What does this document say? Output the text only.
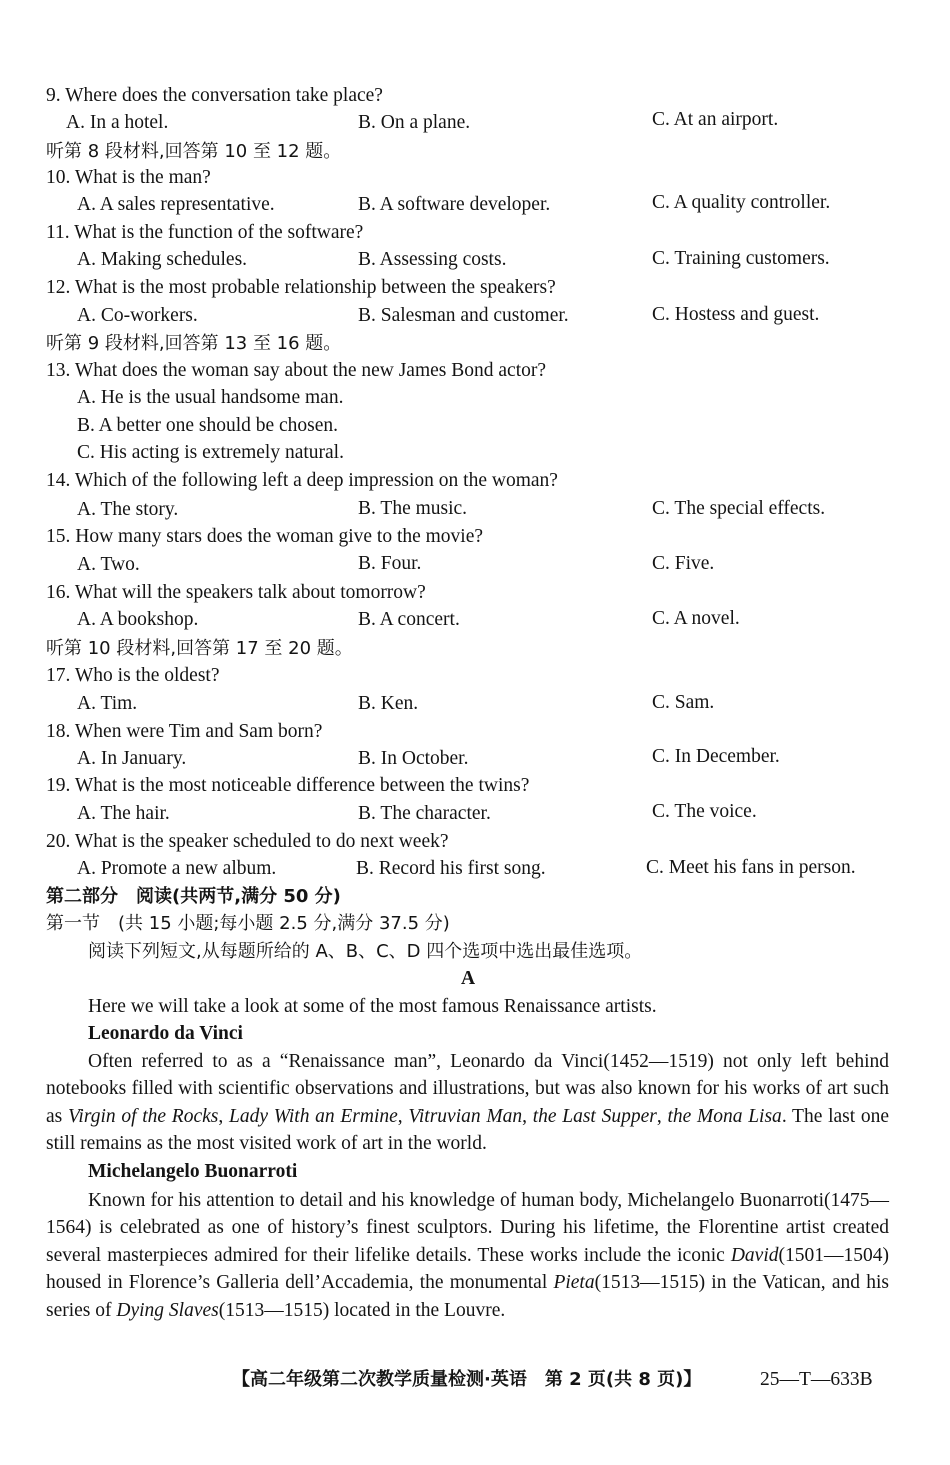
9. Where does the conversation take place?
A. In a hotel.	B. On a plane.	C. At an airport.
听第 8 段材料,回答第 10 至 12 题。
10. What is the man?
A. A sales representative.	B. A software developer.	C. A quality controller.
11. What is the function of the software?
A. Making schedules.	B. Assessing costs.	C. Training customers.
12. What is the most probable relationship between the speakers?
A. Co-workers.	B. Salesman and customer.	C. Hostess and guest.
听第 9 段材料,回答第 13 至 16 题。
13. What does the woman say about the new James Bond actor?
A. He is the usual handsome man.
B. A better one should be chosen.
C. His acting is extremely natural.
14. Which of the following left a deep impression on the woman?
A. The story.	B. The music.	C. The special effects.
15. How many stars does the woman give to the movie?
A. Two.	B. Four.	C. Five.
16. What will the speakers talk about tomorrow?
A. A bookshop.	B. A concert.	C. A novel.
听第 10 段材料,回答第 17 至 20 题。
17. Who is the oldest?
A. Tim.	B. Ken.	C. Sam.
18. When were Tim and Sam born?
A. In January.	B. In October.	C. In December.
19. What is the most noticeable difference between the twins?
A. The hair.	B. The character.	C. The voice.
20. What is the speaker scheduled to do next week?
A. Promote a new album.	B. Record his first song.	C. Meet his fans in person.
第二部分　阅读(共两节,满分 50 分)
第一节　(共 15 小题;每小题 2.5 分,满分 37.5 分)
阅读下列短文,从每题所给的 A、B、C、D 四个选项中选出最佳选项。
A
Here we will take a look at some of the most famous Renaissance artists.
Leonardo da Vinci

Often referred to as a “Renaissance man”, Leonardo da Vinci(1452—1519) not only left behind notebooks filled with scientific observations and illustrations, but was also known for his works of art such as Virgin of the Rocks, Lady With an Ermine, Vitruvian Man, the Last Supper, the Mona Lisa. The last one still remains as the most visited work of art in the world.

Michelangelo Buonarroti

Known for his attention to detail and his knowledge of human body, Michelangelo Buonarroti(1475—1564) is celebrated as one of history’s finest sculptors. During his lifetime, the Florentine artist created several masterpieces admired for their lifelike details. These works include the iconic David(1501—1504) housed in Florence’s Galleria dell’Accademia, the monumental Pieta(1513—1515) in the Vatican, and his series of Dying Slaves(1513—1515) located in the Louvre.

【高二年级第二次教学质量检测·英语　第 2 页(共 8 页)】	25—T—633B
